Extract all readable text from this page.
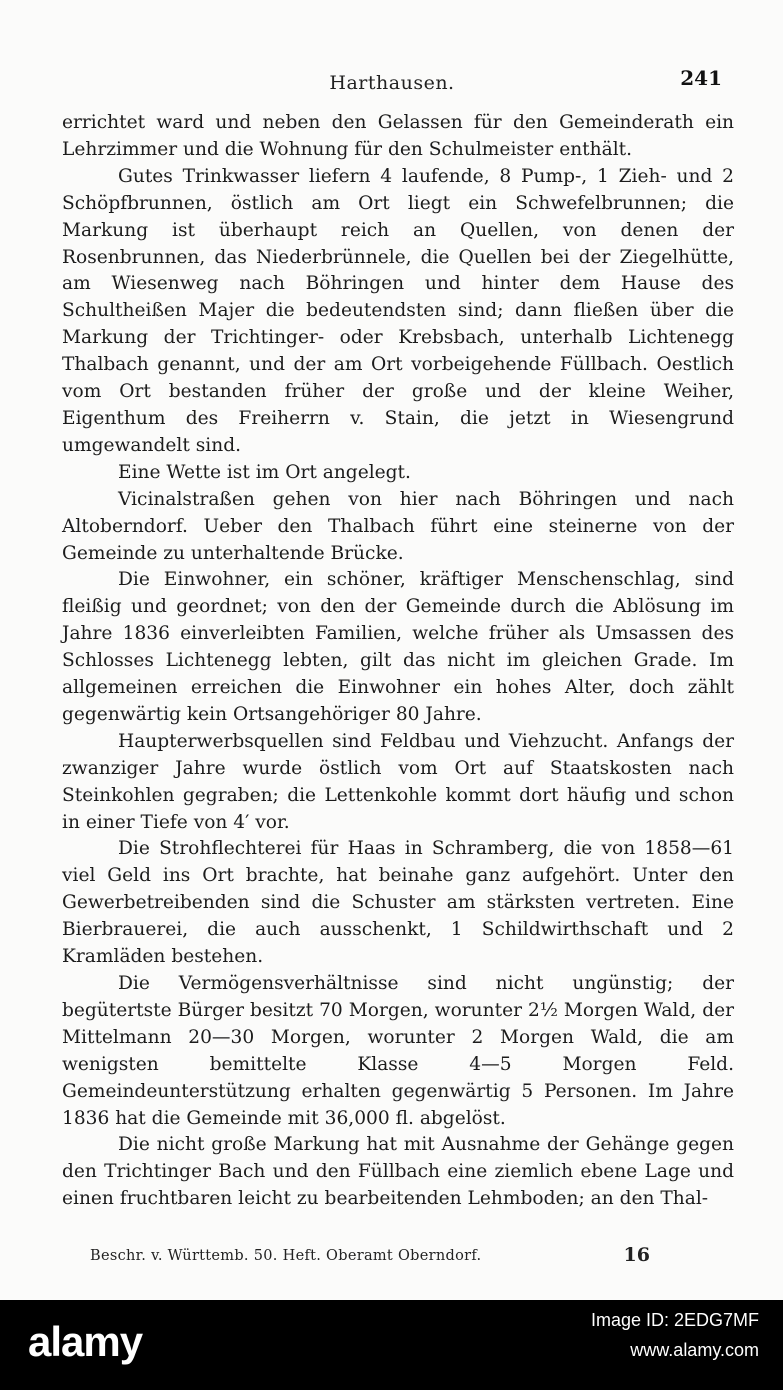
Harthausen.	241

errichtet ward und neben den Gelassen für den Gemeinderath ein Lehrzimmer und die Wohnung für den Schulmeister enthält.

Gutes Trinkwasser liefern 4 laufende, 8 Pump-, 1 Zieh- und 2 Schöpfbrunnen, östlich am Ort liegt ein Schwefelbrunnen; die Markung ist überhaupt reich an Quellen, von denen der Rosenbrunnen, das Niederbrünnele, die Quellen bei der Ziegelhütte, am Wiesenweg nach Böhringen und hinter dem Hause des Schultheißen Majer die bedeutendsten sind; dann fließen über die Markung der Trichtinger- oder Krebsbach, unterhalb Lichtenegg Thalbach genannt, und der am Ort vorbeigehende Füllbach. Oestlich vom Ort bestanden früher der große und der kleine Weiher, Eigenthum des Freiherrn v. Stain, die jetzt in Wiesengrund umgewandelt sind.

Eine Wette ist im Ort angelegt.

Vicinalstraßen gehen von hier nach Böhringen und nach Altoberndorf. Ueber den Thalbach führt eine steinerne von der Gemeinde zu unterhaltende Brücke.

Die Einwohner, ein schöner, kräftiger Menschenschlag, sind fleißig und geordnet; von den der Gemeinde durch die Ablösung im Jahre 1836 einverleibten Familien, welche früher als Umsassen des Schlosses Lichtenegg lebten, gilt das nicht im gleichen Grade. Im allgemeinen erreichen die Einwohner ein hohes Alter, doch zählt gegenwärtig kein Ortsangehöriger 80 Jahre.

Haupterwerbsquellen sind Feldbau und Viehzucht. Anfangs der zwanziger Jahre wurde östlich vom Ort auf Staatskosten nach Steinkohlen gegraben; die Lettenkohle kommt dort häufig und schon in einer Tiefe von 4′ vor.

Die Strohflechterei für Haas in Schramberg, die von 1858—61 viel Geld ins Ort brachte, hat beinahe ganz aufgehört. Unter den Gewerbetreibenden sind die Schuster am stärksten vertreten. Eine Bierbrauerei, die auch ausschenkt, 1 Schildwirthschaft und 2 Kramläden bestehen.

Die Vermögensverhältnisse sind nicht ungünstig; der begütertste Bürger besitzt 70 Morgen, worunter 2½ Morgen Wald, der Mittelmann 20—30 Morgen, worunter 2 Morgen Wald, die am wenigsten bemittelte Klasse 4—5 Morgen Feld. Gemeindeunterstützung erhalten gegenwärtig 5 Personen. Im Jahre 1836 hat die Gemeinde mit 36,000 fl. abgelöst.

Die nicht große Markung hat mit Ausnahme der Gehänge gegen den Trichtinger Bach und den Füllbach eine ziemlich ebene Lage und einen fruchtbaren leicht zu bearbeitenden Lehmboden; an den Thal-

Beschr. v. Württemb. 50. Heft. Oberamt Oberndorf.	16
alamy	Image ID: 2EDG7MF
www.alamy.com
